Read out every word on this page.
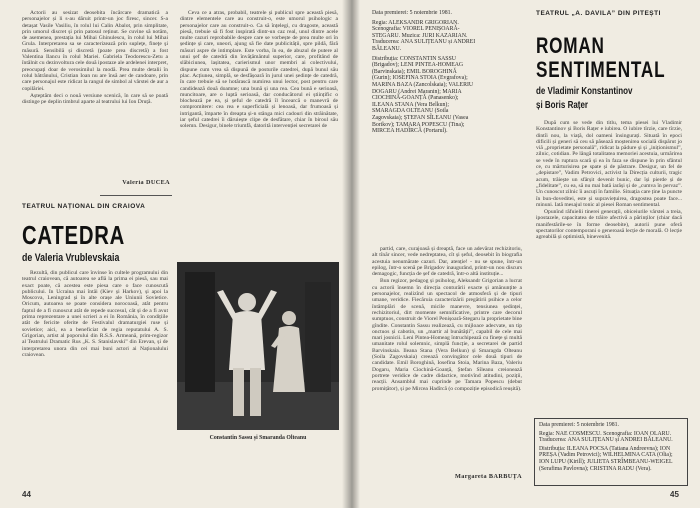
Actorii au sesizat deosebita încărcare dramatică a personajelor și li s-au dăruit printr-un joc firesc, sincer. S-a detașat Vasile Vasiliu, în rolul lui Calin Abalot, prin simplitate, prin umorul discret și prin patosul reținut. Se cuvine să notăm, de asemenea, prestația lui Mihai Ghinulescu, în rolul lui Mihai Grula. Interpretarea sa se caracterizează prin supleţe, fineţe şi măsură. Sensibilă și discretă (poate prea discretă) a fost Valentina Ilancu în rolul Mariei. Gabriela Teodorescu-Zetu a întâlnit cu dezinvoltura cele două ipostaze ale ardelenei interpret, preocupați doar de verosimilul la modă. Prea multe detalii în rolul bătrânului, Cristian Ioan nu are însă aer de candoare, prin care personajul este ridicat la rangul de simbol al vârstei de aur a copilăriei.

Așteptăm deci o nouă versiune scenică, în care să se poată distinge pe deplin timbrul aparte al teatrului lui Ion Druță.

Valeria DUCEA
TEATRUL NAȚIONAL DIN CRAIOVA
CATEDRA
de Valeria Vrublevskaia

Rezultă, din publicul care învinse în cultele programului din teatrul craiovean, că autoarea se află la prima ei piesă, sau mai exact poate, că acestea este piesa care o face cunoscută publicului. In Ucraina mai întâi (Kiev și Harkov), și apoi la Moscova, Leningrad și în alte orașe ale Uniunii Sovietice. Oricum, autoarea se poate considera norocoasă, atât pentru faptul de a fi cunoscut atât de repede succesul, cât și de a fi avut prima reprezentare a unei scrieri a ei în România, în condițiile atât de fericite oferite de Festivalul dramaturgiei ruse și sovietice; aici, ea a beneficiat de regia reputatului A. S. Grigorian, artist al poporului din R.S.S. Armeană, prim-regizor al Teatrului Dramatic Rus „K. S. Stanislavski” din Erevan, și de interpretarea unora din cei mai buni actori ai Naționalului craiovean.

Ceva ce a atras, probabil, teatrele și publicul spre această piesă, dintre elementele care au construit-o, este umorul psihologic a personajelor care au construit-o. Ca să înțelegi, cu dragoste, această piesă, trebuie să fi fost inspirată dintr-un caz real, unul dintre acele multe cazuri reprobabile despre care se vorbește de prea multe ori în ședințe și care, uneori, ajung să fie date publicității, spre pildă, fără măsuri aspre de intimplare. Este vorba, în ea, de abuzul de putere al unui șef de catedră din învățământul superior, care, profitând de slăbiciunea, lașitatea, carierismul unor membri ai colectivului, dispune cum vrea să dispună de posturile catedrei, după bunul său plac. Acțiunea, simplă, se desfășoară în jurul unei ședințe de catedră, în care trebuie să se hotărască numirea unui lector, post pentru care candidează două doamne; una bună și una rea. Cea bună e serioasă, muncitoare, are o luptă serioasă, dar conducătorul ei științific o blochează pe ea, și șeful de catedră îl încearcă o manevră de compromitere: cea rea e superficială și lenoasă, dar frumoasă și intrigantă, împarte în dreapta și-n stânga mici cadouri din străinătate, iar șeful catedrei îi dăruiește clipe de desfătare, chiar în biroul său solemn. Desigur, binele triumfă, datorită intervenției secretarei de

Constantin Sassu și Smaranda Olteanu
44

Data premierei: 5 noiembrie 1981.

Regia: ALEKSANDR GRIGORIAN. Scenografia: VIOREL PENIȘOARĂ-STEGARU. Muzica: JURI KAZARIAN. Traducerea: ANA SULIȚEANU și ANDREI BĂLEANU.

Distribuția: CONSTANTIN SASSU (Brigadov); LENI PINTEA-HOMEAG (Barvinskaia); EMIL BOROGHINĂ (Gurin); IOSEFINA STOIA (Evgrafova); MARINA BAZA (Zancolskaia); VALERIU DOGARU (Andrei Maranin); MARIA CIOCHINĂ-GOANȚĂ (Panasenko); ILEANA STANA (Vera Belkun); SMARAGDA OLTEANU (Soila Zagovskaia); ȘTEFAN SÎLEANU (Vasea Borikov); TAMARA POPESCU (Tina); MIRCEA HADÎRCĂ (Portarul).

partid, care, curajoasă și dreaptă, face un adevărat rechizitoriu, alt tînăr sincer, vede nedreptatea, cît și șeful, deosebit în biografia acestuia nenumărate cazuri. Dar, atenție! - nu se spune, într-un epilog, într-o scenă pe Brigadov inaugurând, printr-un nou discurs demagogic, funcția de șef de catedră, într-o altă instituție...

Bun regizor, pedagog și psiholog, Aleksandr Grigorian a lucrat cu actorii însemn în direcția conturării exacte și amănunțite a personajelor, realizînd un spectacol de atmosferă și de tipuri umane, veridice. Fiecăruia caracterizării pregătirii psihice a celor întâmplări de scenă, micile manevre, tensiunea ședinței, rechizitoriul, dirt momente semnificative, printre care decorul sumptuos, construit de Viorel Penișoară-Stegaru la proprietate bine gîndite. Constantin Sassu realizează, cu mijloace adecvate, un tip onctuos și cabotin, un „martir al bunătății”, capabil de cele mai mari josnicii. Leni Pintea-Homeag întruchipează cu finețe și multă umanitate rolul solemnic, simplă funcție, a secretarei de partid Barvinskaia. Ileana Stana (Vera Belkun) și Smaragda Olteanu (Soila Zagovskaia) creează convingător cele două tipuri de candidate. Emil Boroghină, Iosefina Stoia, Marina Baza, Valeriu Dogaru, Maria Ciochină-Goanță, Ștefan Sîleanu creionează portrete veridice de cadre didactice, motivînd atitudini, poziții, reacții. Ansamblul mai cuprinde pe Tamara Popescu (debut promițător), și pe Mircea Hadîrcă (o compoziție episodică reușită).

Margareta BĂRBUȚĂ
TEATRUL „A. DAVILA” DIN PITEȘTI
ROMAN
SENTIMENTAL
de Vladimir Konstantinov
și Boris Rațer

După cum se vede din titlu, tema piesei lui Vladimir Konstantinov și Boris Rațer e iubirea. O iubire tîrzie, care tîrzie, dintîi nou, la viață, dol oameni însingurați. Situată în epoci dificili și generi să ceu să păsează moștenirea socială dispărut jo viă „proprietate personală”, ridicat la pădure și și „iniționismul”, zilnic, cotidian. Pe lângă totalitatea memoriei acestuia, urmărirea se vede în ruptura scară și ea în faza se dispune în prin sfântul ce, cu mărturisirea pe spate și de păstrare. Desigur, un fel de „depistare”, Vadim Petrovici, activist la Direcția culturii, tragic acum, trăiește un sfârșit devenit bunic, dar își pierde și de „fidelitate”, cu ea, să nu mai bată iarăși și de „cumva în pervaz”. Un cunoscut zilnic îi ascuți în familie. Situația care ține la puncte în bun-doveditei, este și supraviețuirea, dragostea poate face... minuni. Iată mesajul tonic al piesei Roman sentimental.

Opunînd răfuielii tinerei generații, obiceiurile vârstei a treia, ipostazele, capacitatea de trăire afectivă a părinților (chiar dacă manifestările-se în forme deosebite), autorii pune oferă spectatorilor contemporani o generoasă lecție de morală. O lecție agreabilă și optimistă, binevenită.

Data premierei: 5 noiembrie 1981.
Regia: NAE COSMESCU. Scenografia: IOAN OLARU. Traducerea: ANA SULIȚEANU și ANDREI BĂLEANU.
Distribuția: ILEANA POCSA (Tatiana Andreevna); ION PREȘA (Vadim Petrovici); WILHELMINA CATA (Olia); ION LUPU (Kirill); JULIETA STRÎMBEANU-WEIGEL (Serafima Pavlovna); CRISTINA RADU (Vera).
45
